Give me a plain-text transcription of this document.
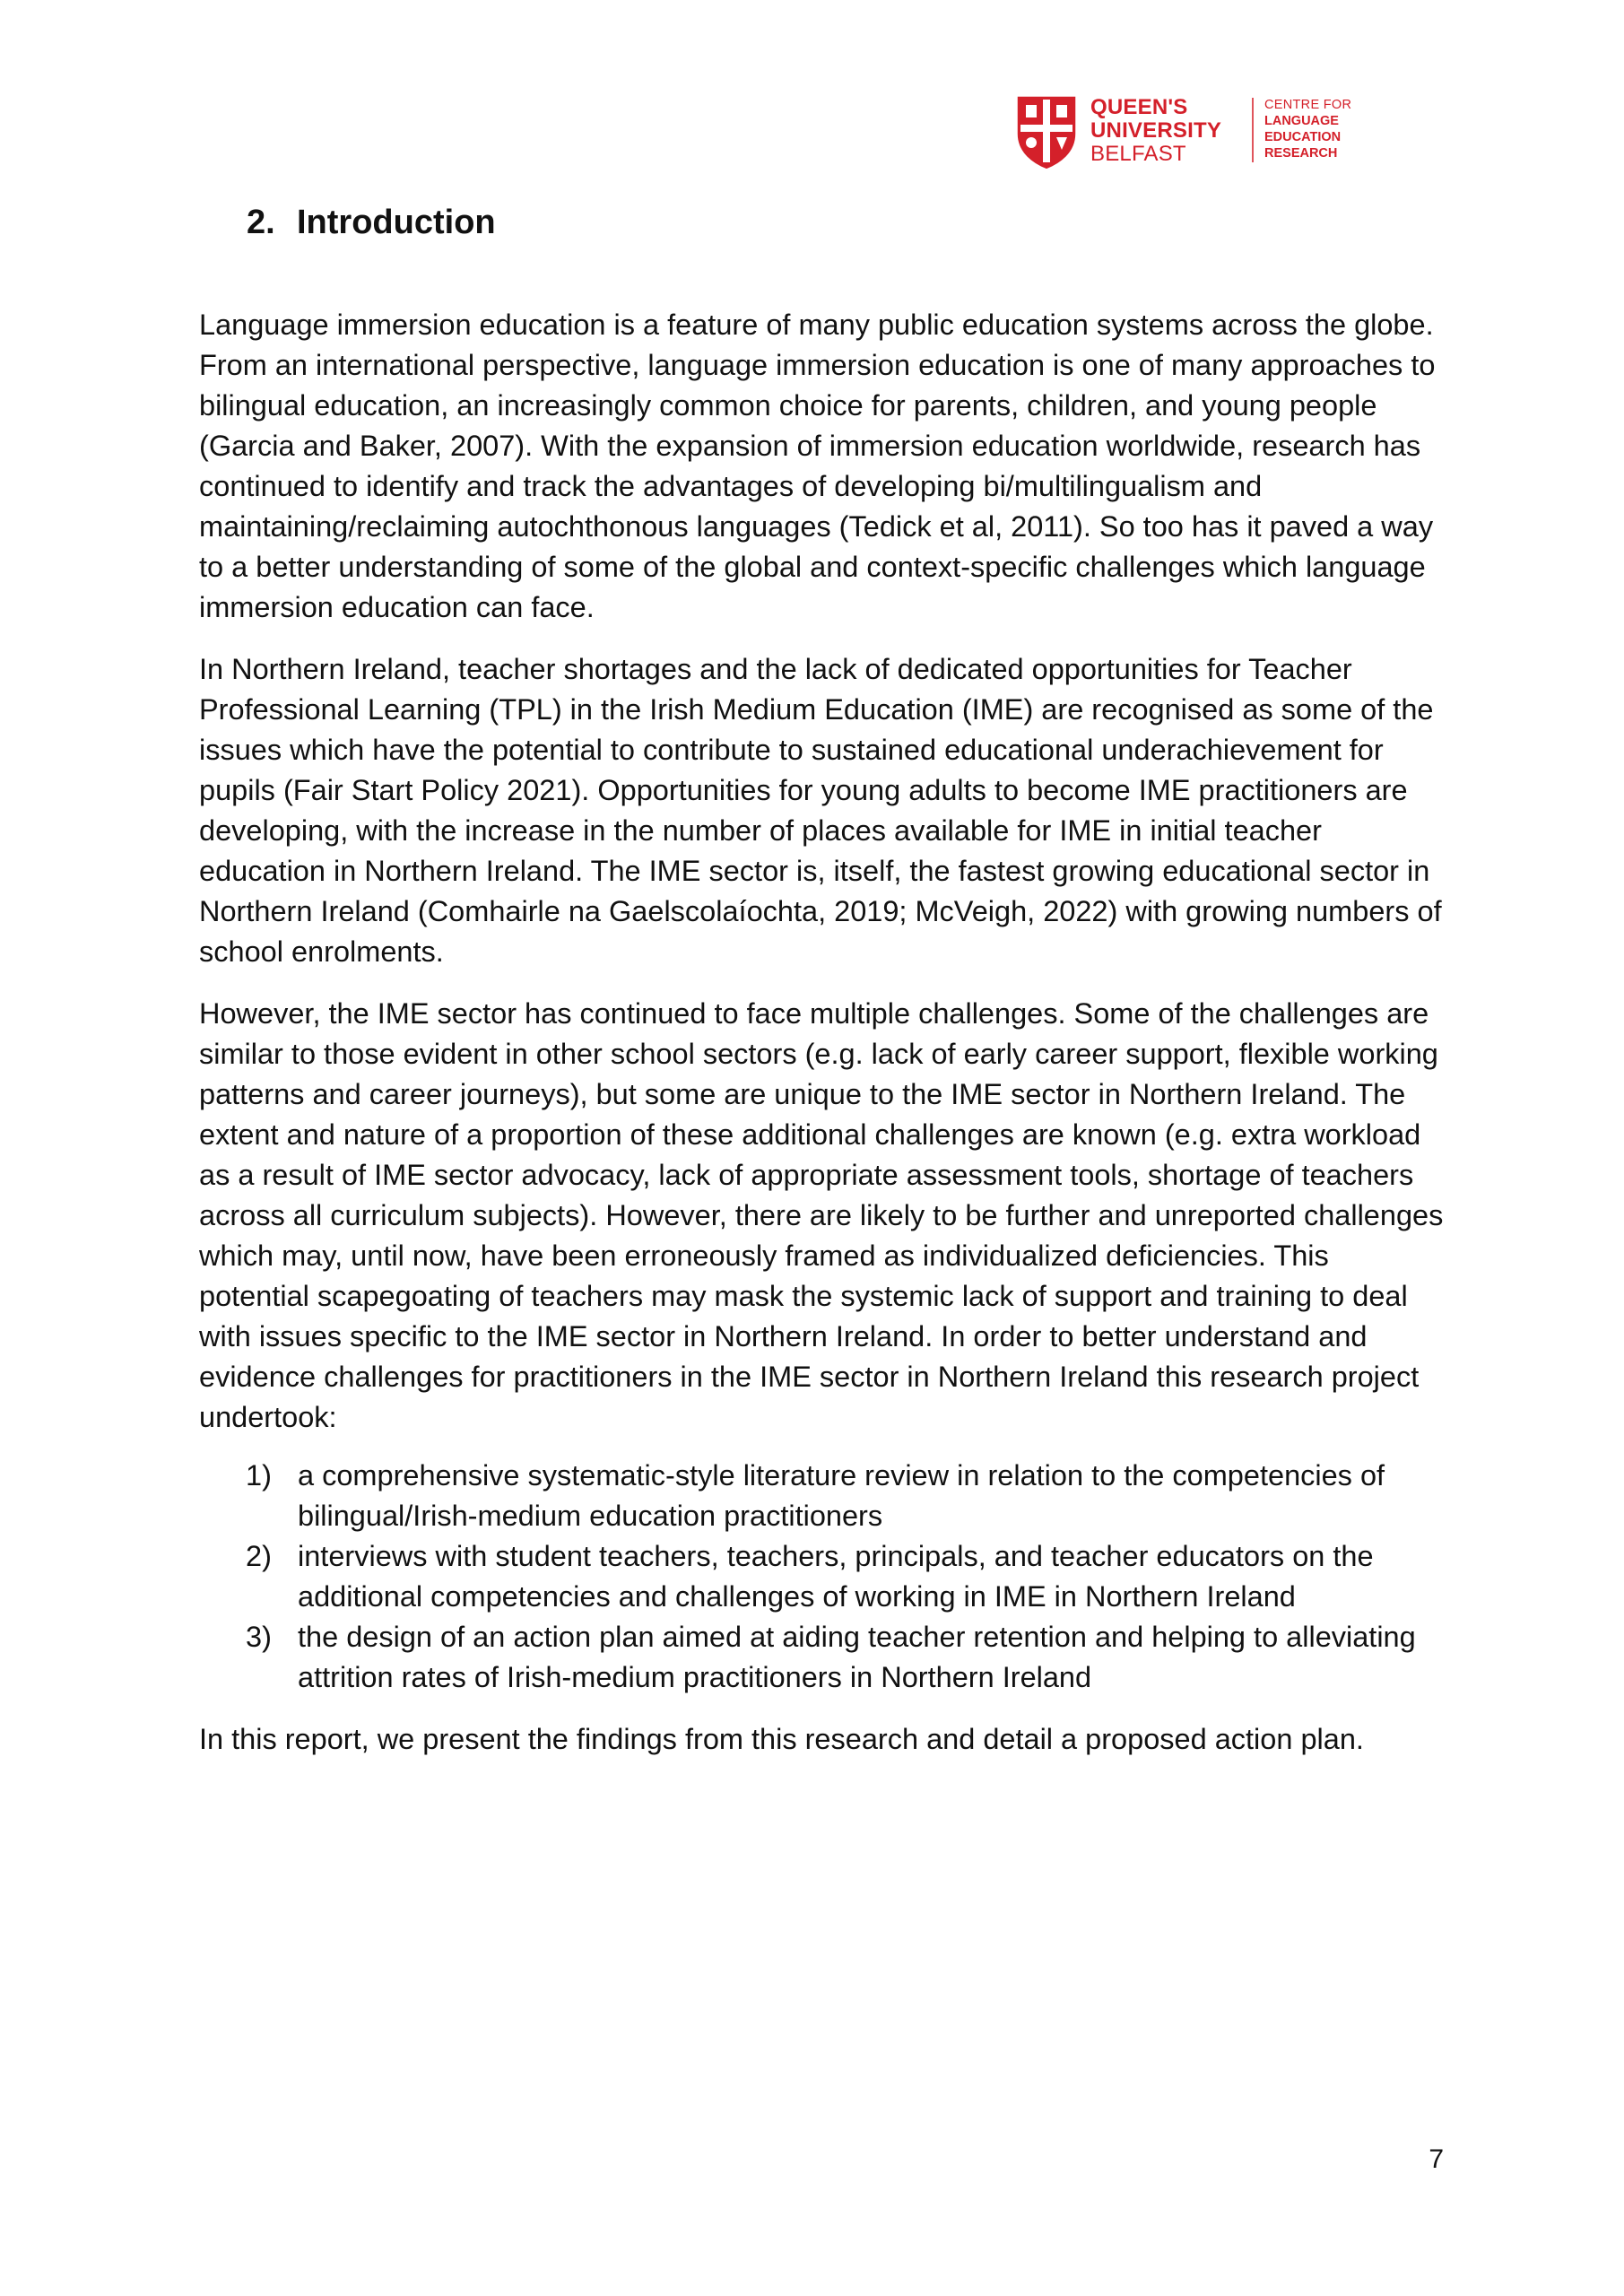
QUEEN'S
UNIVERSITY
BELFAST
CENTRE FOR
LANGUAGE
EDUCATION
RESEARCH
2. Introduction

Language immersion education is a feature of many public education systems across the globe. From an international perspective, language immersion education is one of many approaches to bilingual education, an increasingly common choice for parents, children, and young people (Garcia and Baker, 2007). With the expansion of immersion education worldwide, research has continued to identify and track the advantages of developing bi/multilingualism and maintaining/reclaiming autochthonous languages (Tedick et al, 2011). So too has it paved a way to a better understanding of some of the global and context-specific challenges which language immersion education can face.

In Northern Ireland, teacher shortages and the lack of dedicated opportunities for Teacher Professional Learning (TPL) in the Irish Medium Education (IME) are recognised as some of the issues which have the potential to contribute to sustained educational underachievement for pupils (Fair Start Policy 2021). Opportunities for young adults to become IME practitioners are developing, with the increase in the number of places available for IME in initial teacher education in Northern Ireland. The IME sector is, itself, the fastest growing educational sector in Northern Ireland (Comhairle na Gaelscolaíochta, 2019; McVeigh, 2022) with growing numbers of school enrolments.

However, the IME sector has continued to face multiple challenges. Some of the challenges are similar to those evident in other school sectors (e.g. lack of early career support, flexible working patterns and career journeys), but some are unique to the IME sector in Northern Ireland. The extent and nature of a proportion of these additional challenges are known (e.g. extra workload as a result of IME sector advocacy, lack of appropriate assessment tools, shortage of teachers across all curriculum subjects). However, there are likely to be further and unreported challenges which may, until now, have been erroneously framed as individualized deficiencies. This potential scapegoating of teachers may mask the systemic lack of support and training to deal with issues specific to the IME sector in Northern Ireland. In order to better understand and evidence challenges for practitioners in the IME sector in Northern Ireland this research project undertook:

1) a comprehensive systematic-style literature review in relation to the competencies of bilingual/Irish-medium education practitioners
2) interviews with student teachers, teachers, principals, and teacher educators on the additional competencies and challenges of working in IME in Northern Ireland
3) the design of an action plan aimed at aiding teacher retention and helping to alleviating attrition rates of Irish-medium practitioners in Northern Ireland

In this report, we present the findings from this research and detail a proposed action plan.

7
